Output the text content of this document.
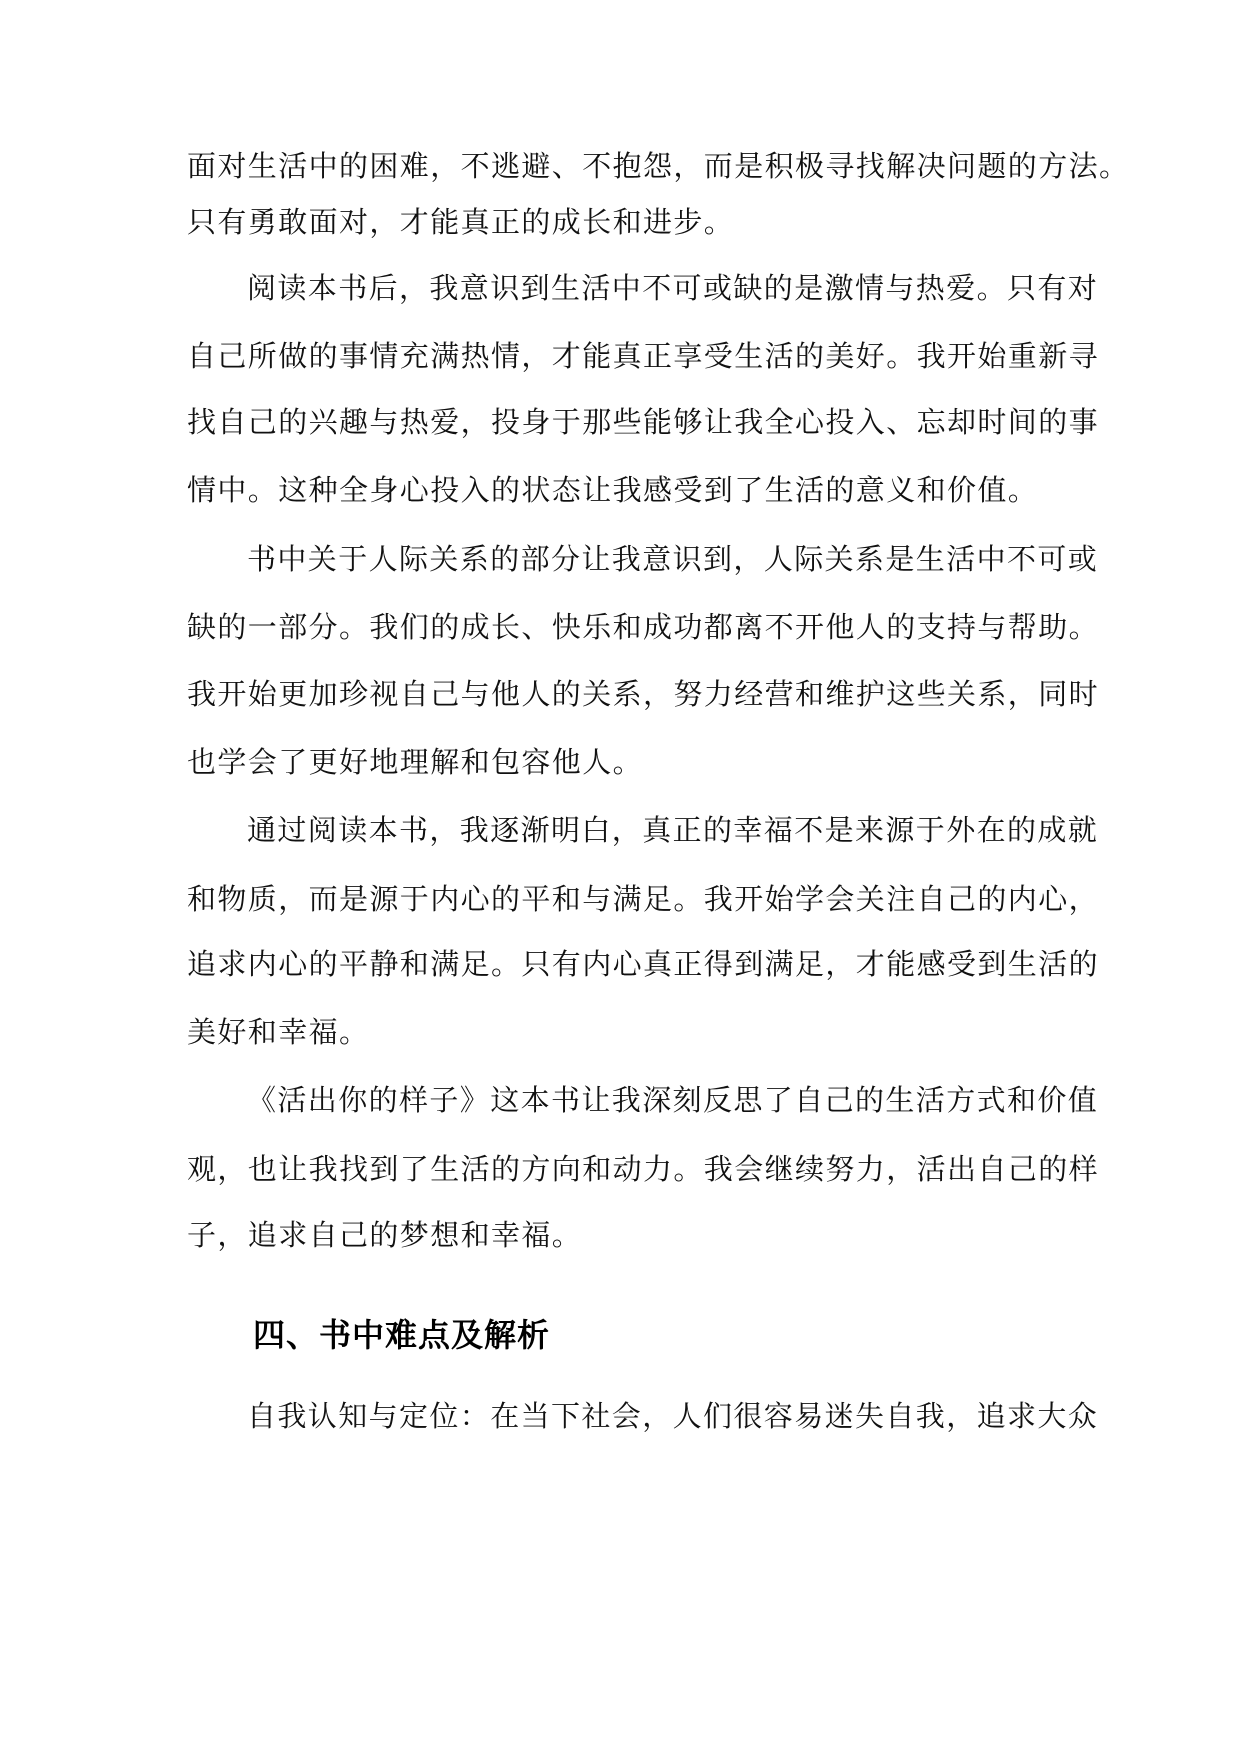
面对生活中的困难，不逃避、不抱怨，而是积极寻找解决问题的方法。
只有勇敢面对，才能真正的成长和进步。
阅读本书后，我意识到生活中不可或缺的是激情与热爱。只有对
自己所做的事情充满热情，才能真正享受生活的美好。我开始重新寻
找自己的兴趣与热爱，投身于那些能够让我全心投入、忘却时间的事
情中。这种全身心投入的状态让我感受到了生活的意义和价值。
书中关于人际关系的部分让我意识到，人际关系是生活中不可或
缺的一部分。我们的成长、快乐和成功都离不开他人的支持与帮助。
我开始更加珍视自己与他人的关系，努力经营和维护这些关系，同时
也学会了更好地理解和包容他人。
通过阅读本书，我逐渐明白，真正的幸福不是来源于外在的成就
和物质，而是源于内心的平和与满足。我开始学会关注自己的内心，
追求内心的平静和满足。只有内心真正得到满足，才能感受到生活的
美好和幸福。
《活出你的样子》这本书让我深刻反思了自己的生活方式和价值
观，也让我找到了生活的方向和动力。我会继续努力，活出自己的样
子，追求自己的梦想和幸福。
四、书中难点及解析
自我认知与定位：在当下社会，人们很容易迷失自我，追求大众
